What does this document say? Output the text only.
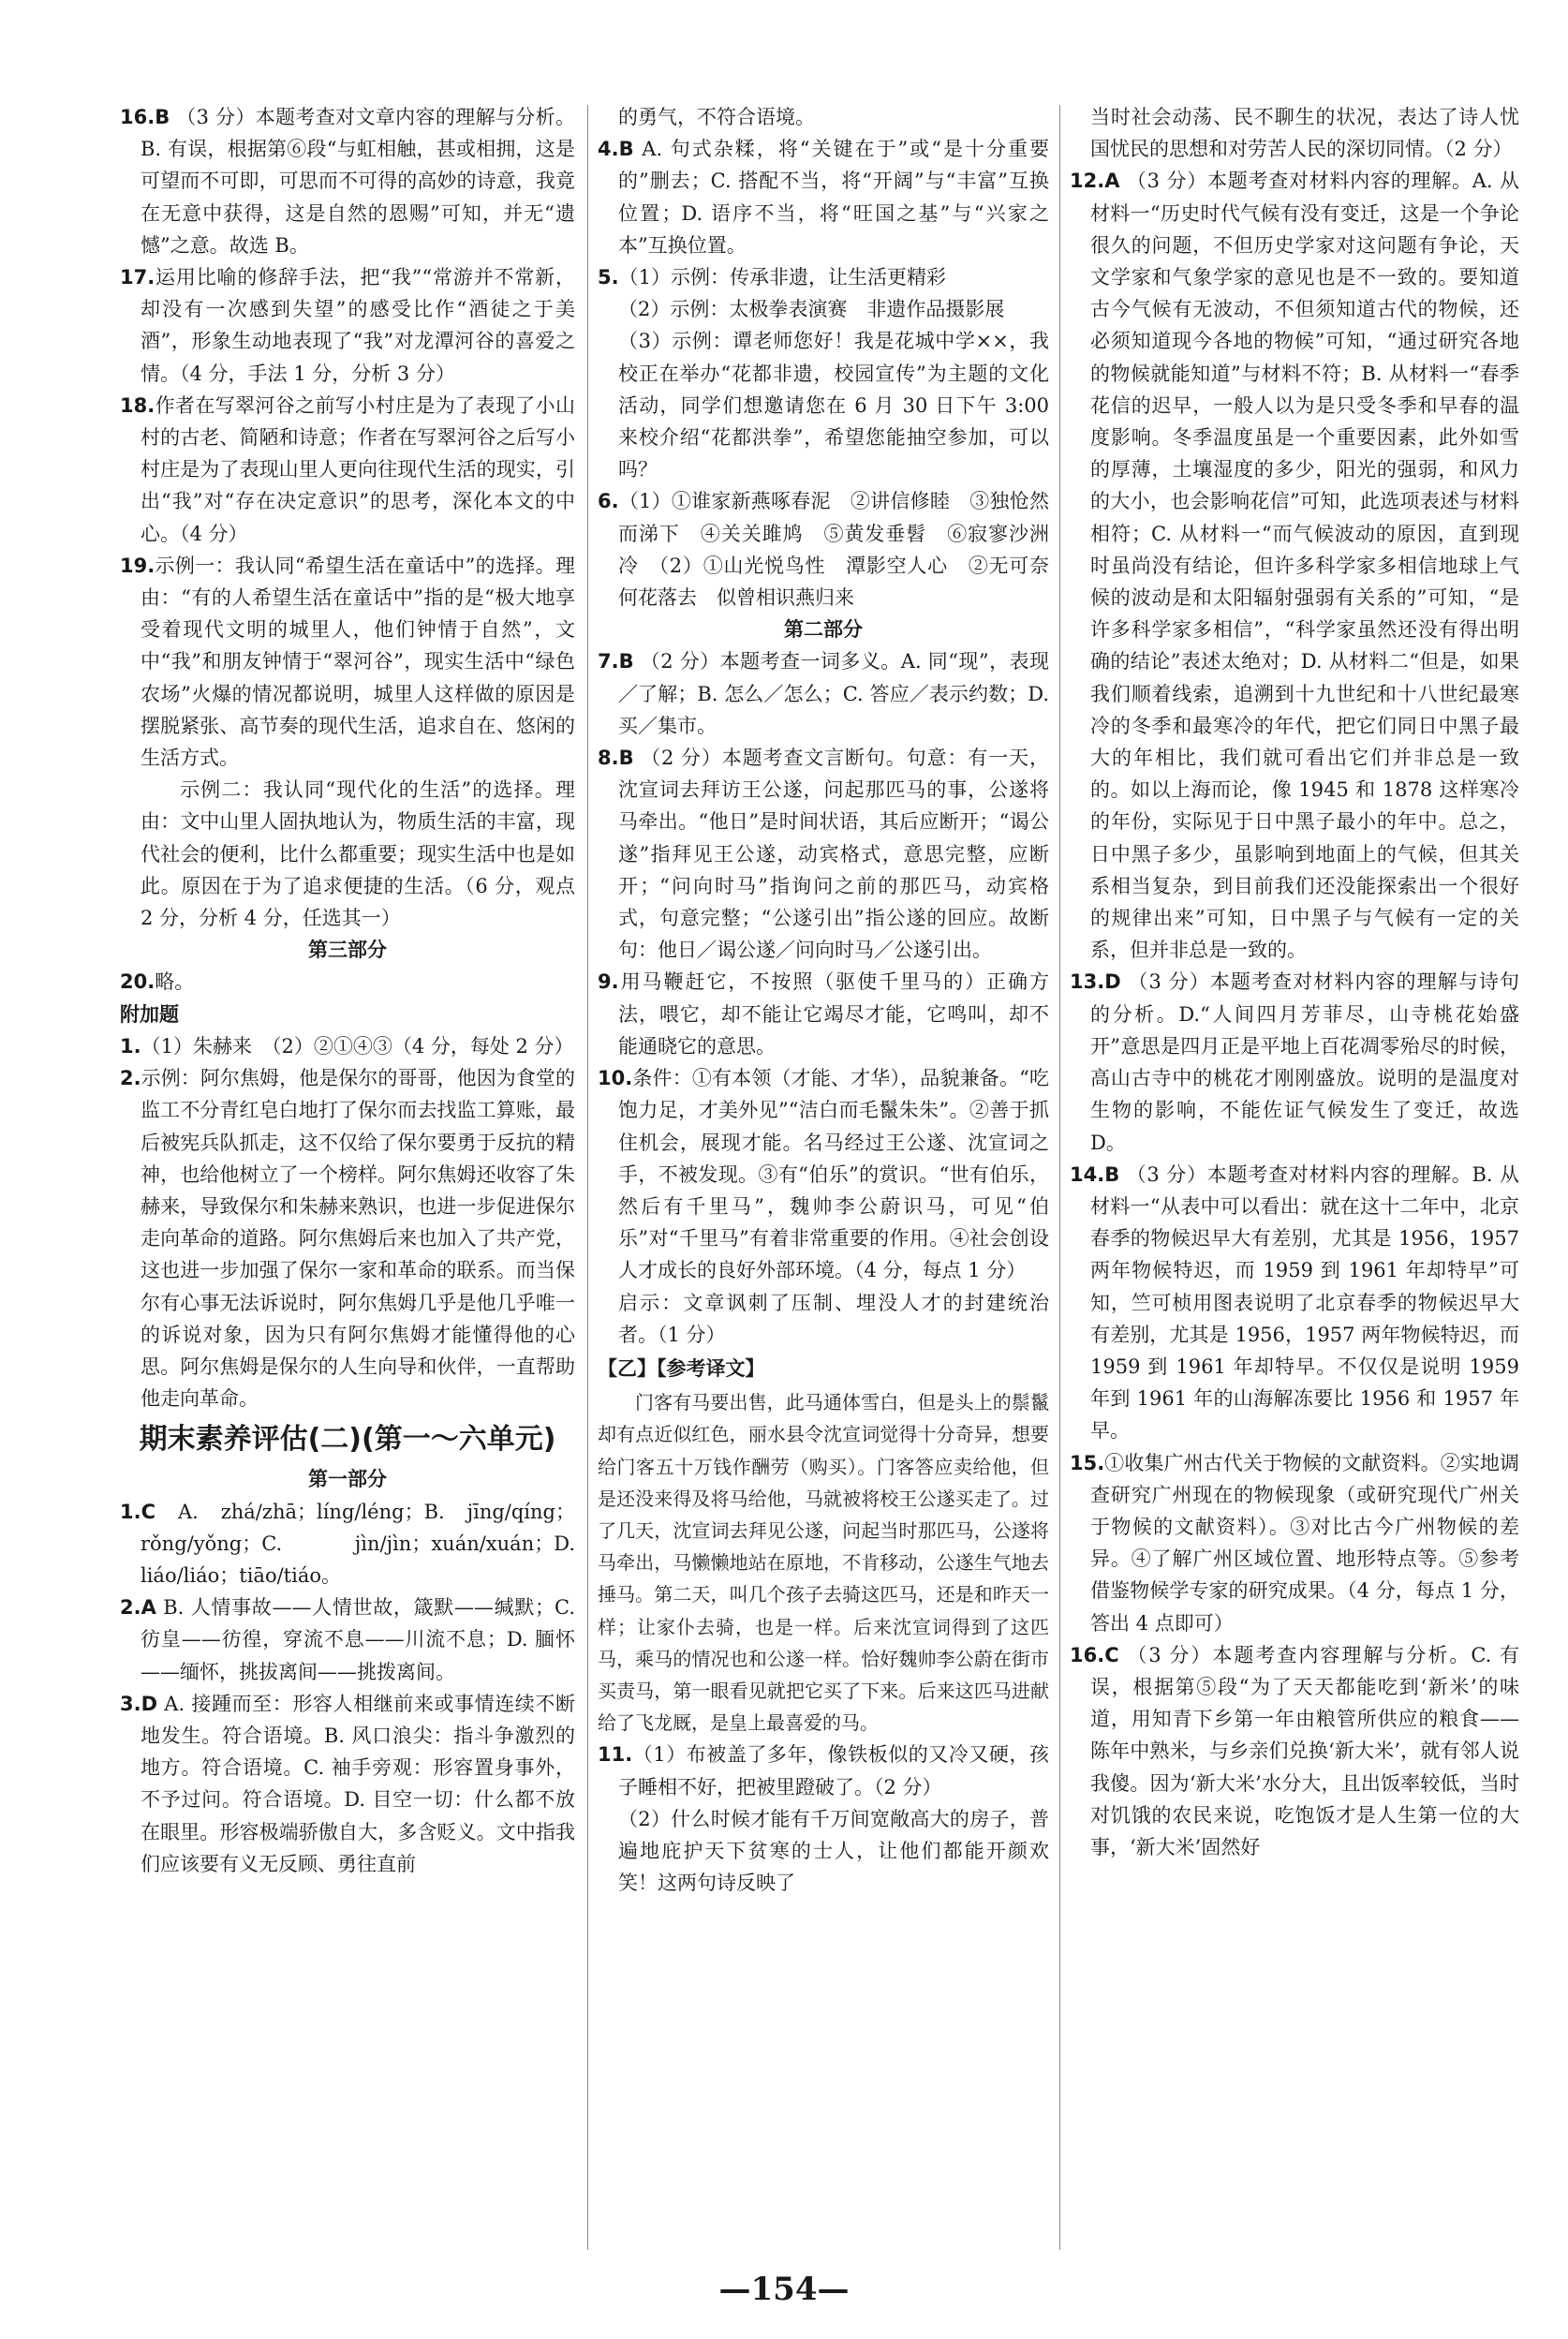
16.B （3 分）本题考查对文章内容的理解与分析。B. 有误，根据第⑥段“与虹相触，甚或相拥，这是可望而不可即，可思而不可得的高妙的诗意，我竟在无意中获得，这是自然的恩赐”可知，并无“遗憾”之意。故选 B。

17.运用比喻的修辞手法，把“我”“常游并不常新，却没有一次感到失望”的感受比作“酒徒之于美酒”，形象生动地表现了“我”对龙潭河谷的喜爱之情。（4 分，手法 1 分，分析 3 分）

18.作者在写翠河谷之前写小村庄是为了表现了小山村的古老、简陋和诗意；作者在写翠河谷之后写小村庄是为了表现山里人更向往现代生活的现实，引出“我”对“存在决定意识”的思考，深化本文的中心。（4 分）

19.示例一：我认同“希望生活在童话中”的选择。理由：“有的人希望生活在童话中”指的是“极大地享受着现代文明的城里人，他们钟情于自然”，文中“我”和朋友钟情于“翠河谷”，现实生活中“绿色农场”火爆的情况都说明，城里人这样做的原因是摆脱紧张、高节奏的现代生活，追求自在、悠闲的生活方式。

示例二：我认同“现代化的生活”的选择。理由：文中山里人固执地认为，物质生活的丰富，现代社会的便利，比什么都重要；现实生活中也是如此。原因在于为了追求便捷的生活。（6 分，观点 2 分，分析 4 分，任选其一）

第三部分

20.略。

附加题

1.（1）朱赫来　（2）②①④③（4 分，每处 2 分）

2.示例：阿尔焦姆，他是保尔的哥哥，他因为食堂的监工不分青红皂白地打了保尔而去找监工算账，最后被宪兵队抓走，这不仅给了保尔要勇于反抗的精神，也给他树立了一个榜样。阿尔焦姆还收容了朱赫来，导致保尔和朱赫来熟识，也进一步促进保尔走向革命的道路。阿尔焦姆后来也加入了共产党，这也进一步加强了保尔一家和革命的联系。而当保尔有心事无法诉说时，阿尔焦姆几乎是他几乎唯一的诉说对象，因为只有阿尔焦姆才能懂得他的心思。阿尔焦姆是保尔的人生向导和伙伴，一直帮助他走向革命。

期末素养评估(二)(第一～六单元)

第一部分

1.C A. zhá/zhā；líng/léng；B. jīng/qíng；rǒng/yǒng；C. jìn/jìn；xuán/xuán；D. liáo/liáo；tiāo/tiáo。

2.A B. 人情事故——人情世故，箴默——缄默；C. 彷皇——彷徨，穿流不息——川流不息；D. 腼怀——缅怀，挑拔离间——挑拨离间。

3.D A. 接踵而至：形容人相继前来或事情连续不断地发生。符合语境。B. 风口浪尖：指斗争激烈的地方。符合语境。C. 袖手旁观：形容置身事外，不予过问。符合语境。D. 目空一切：什么都不放在眼里。形容极端骄傲自大，多含贬义。文中指我们应该要有义无反顾、勇往直前

的勇气，不符合语境。

4.B A. 句式杂糅，将“关键在于”或“是十分重要的”删去；C. 搭配不当，将“开阔”与“丰富”互换位置；D. 语序不当，将“旺国之基”与“兴家之本”互换位置。

5.（1）示例：传承非遗，让生活更精彩

（2）示例：太极拳表演赛　非遗作品摄影展

（3）示例：谭老师您好！我是花城中学××，我校正在举办“花都非遗，校园宣传”为主题的文化活动，同学们想邀请您在 6 月 30 日下午 3:00 来校介绍“花都洪拳”，希望您能抽空参加，可以吗？

6.（1）①谁家新燕啄春泥　②讲信修睦　③独怆然而涕下　④关关雎鸠　⑤黄发垂髫　⑥寂寥沙洲冷　（2）①山光悦鸟性　潭影空人心　②无可奈何花落去　似曾相识燕归来

第二部分

7.B （2 分）本题考查一词多义。A. 同“现”，表现／了解；B. 怎么／怎么；C. 答应／表示约数；D. 买／集市。

8.B （2 分）本题考查文言断句。句意：有一天，沈宣词去拜访王公遂，问起那匹马的事，公遂将马牵出。“他日”是时间状语，其后应断开；“谒公遂”指拜见王公遂，动宾格式，意思完整，应断开；“问向时马”指询问之前的那匹马，动宾格式，句意完整；“公遂引出”指公遂的回应。故断句：他日／谒公遂／问向时马／公遂引出。

9.用马鞭赶它，不按照（驱使千里马的）正确方法，喂它，却不能让它竭尽才能，它鸣叫，却不能通晓它的意思。

10.条件：①有本领（才能、才华），品貌兼备。“吃饱力足，才美外见”“洁白而毛鬣朱朱”。②善于抓住机会，展现才能。名马经过王公遂、沈宣词之手，不被发现。③有“伯乐”的赏识。“世有伯乐，然后有千里马”，魏帅李公蔚识马，可见“伯乐”对“千里马”有着非常重要的作用。④社会创设人才成长的良好外部环境。（4 分，每点 1 分）

启示：文章讽刺了压制、埋没人才的封建统治者。（1 分）

【乙】【参考译文】

门客有马要出售，此马通体雪白，但是头上的鬃鬣却有点近似红色，丽水县令沈宣词觉得十分奇异，想要给门客五十万钱作酬劳（购买）。门客答应卖给他，但是还没来得及将马给他，马就被将校王公遂买走了。过了几天，沈宣词去拜见公遂，问起当时那匹马，公遂将马牵出，马懒懒地站在原地，不肯移动，公遂生气地去捶马。第二天，叫几个孩子去骑这匹马，还是和昨天一样；让家仆去骑，也是一样。后来沈宣词得到了这匹马，乘马的情况也和公遂一样。恰好魏帅李公蔚在街市买责马，第一眼看见就把它买了下来。后来这匹马进献给了飞龙厩，是皇上最喜爱的马。

11.（1）布被盖了多年，像铁板似的又冷又硬，孩子睡相不好，把被里蹬破了。（2 分）

（2）什么时候才能有千万间宽敞高大的房子，普遍地庇护天下贫寒的士人，让他们都能开颜欢笑！这两句诗反映了

当时社会动荡、民不聊生的状况，表达了诗人忧国忧民的思想和对劳苦人民的深切同情。（2 分）

12.A （3 分）本题考查对材料内容的理解。A. 从材料一“历史时代气候有没有变迁，这是一个争论很久的问题，不但历史学家对这问题有争论，天文学家和气象学家的意见也是不一致的。要知道古今气候有无波动，不但须知道古代的物候，还必须知道现今各地的物候”可知，“通过研究各地的物候就能知道”与材料不符；B. 从材料一“春季花信的迟早，一般人以为是只受冬季和早春的温度影响。冬季温度虽是一个重要因素，此外如雪的厚薄，土壤湿度的多少，阳光的强弱，和风力的大小，也会影响花信”可知，此选项表述与材料相符；C. 从材料一“而气候波动的原因，直到现时虽尚没有结论，但许多科学家多相信地球上气候的波动是和太阳辐射强弱有关系的”可知，“是许多科学家多相信”，“科学家虽然还没有得出明确的结论”表述太绝对；D. 从材料二“但是，如果我们顺着线索，追溯到十九世纪和十八世纪最寒冷的冬季和最寒冷的年代，把它们同日中黑子最大的年相比，我们就可看出它们并非总是一致的。如以上海而论，像 1945 和 1878 这样寒冷的年份，实际见于日中黑子最小的年中。总之，日中黑子多少，虽影响到地面上的气候，但其关系相当复杂，到目前我们还没能探索出一个很好的规律出来”可知，日中黑子与气候有一定的关系，但并非总是一致的。

13.D （3 分）本题考查对材料内容的理解与诗句的分析。D.“人间四月芳菲尽，山寺桃花始盛开”意思是四月正是平地上百花凋零殆尽的时候，高山古寺中的桃花才刚刚盛放。说明的是温度对生物的影响，不能佐证气候发生了变迁，故选 D。

14.B （3 分）本题考查对材料内容的理解。B. 从材料一“从表中可以看出：就在这十二年中，北京春季的物候迟早大有差别，尤其是 1956，1957 两年物候特迟，而 1959 到 1961 年却特早”可知，竺可桢用图表说明了北京春季的物候迟早大有差别，尤其是 1956，1957 两年物候特迟，而 1959 到 1961 年却特早。不仅仅是说明 1959 年到 1961 年的山海解冻要比 1956 和 1957 年早。

15.①收集广州古代关于物候的文献资料。②实地调查研究广州现在的物候现象（或研究现代广州关于物候的文献资料）。③对比古今广州物候的差异。④了解广州区域位置、地形特点等。⑤参考借鉴物候学专家的研究成果。（4 分，每点 1 分，答出 4 点即可）

16.C （3 分）本题考查内容理解与分析。C. 有误，根据第⑤段“为了天天都能吃到‘新米’的味道，用知青下乡第一年由粮管所供应的粮食——陈年中熟米，与乡亲们兑换‘新大米’，就有邻人说我傻。因为‘新大米’水分大，且出饭率较低，当时对饥饿的农民来说，吃饱饭才是人生第一位的大事，‘新大米’固然好

—154—
